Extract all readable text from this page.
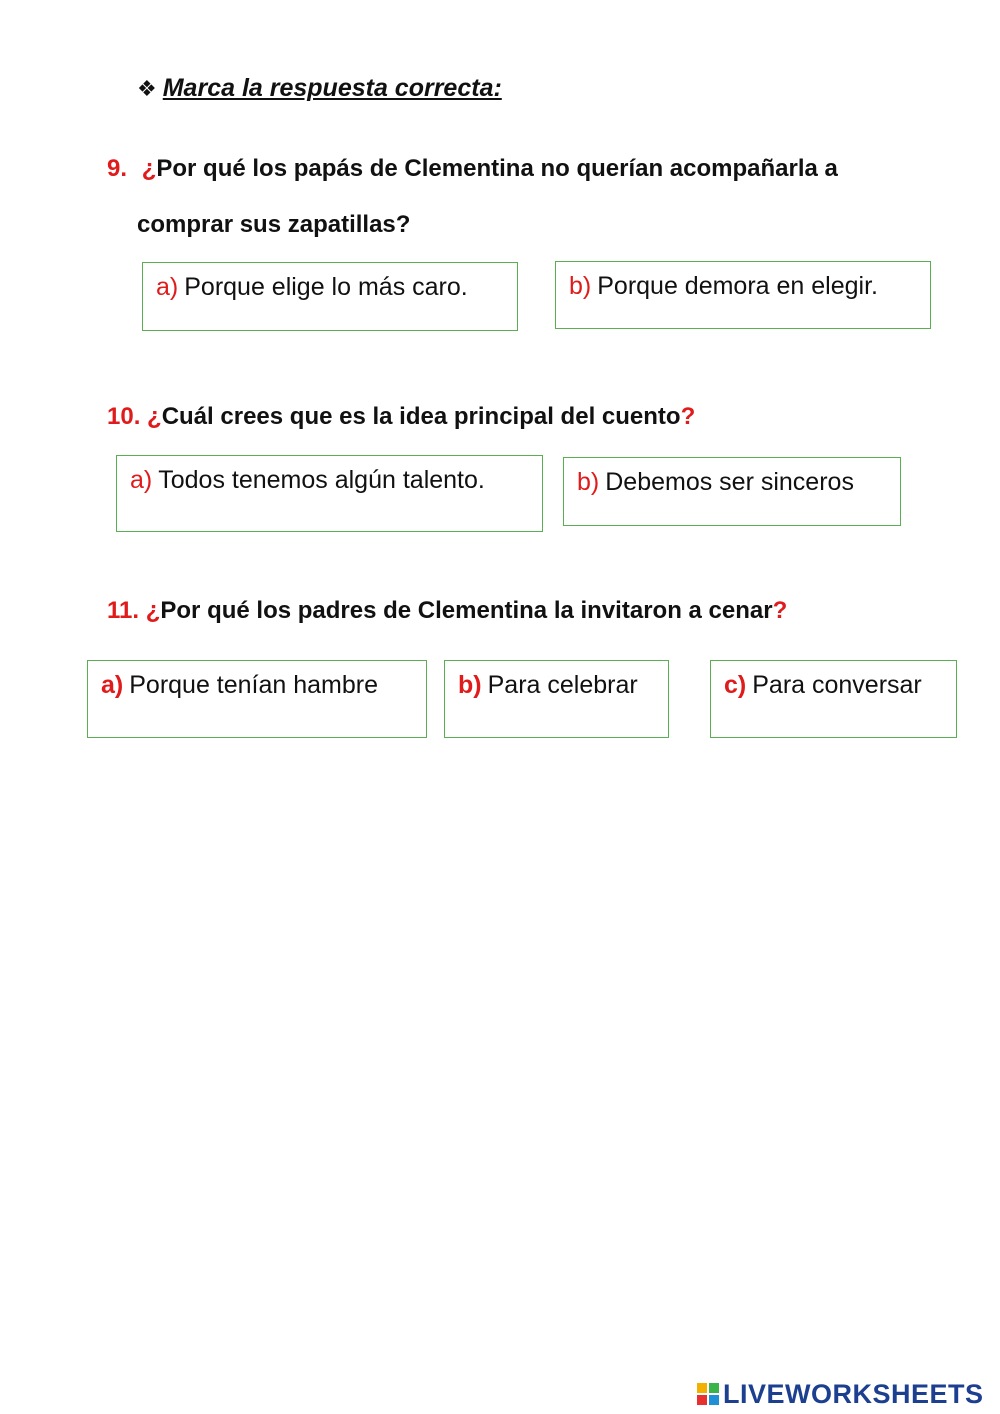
❖ Marca la respuesta correcta:
9. ¿Por qué los papás de Clementina no querían acompañarla a
comprar sus zapatillas?
a) Porque elige lo más caro.	b) Porque demora en elegir.
10. ¿Cuál crees que es la idea principal del cuento?
a) Todos tenemos algún talento.	b) Debemos ser sinceros
11. ¿Por qué los padres de Clementina la invitaron a cenar?
a) Porque tenían hambre	b) Para celebrar	c) Para conversar
LIVEWORKSHEETS
